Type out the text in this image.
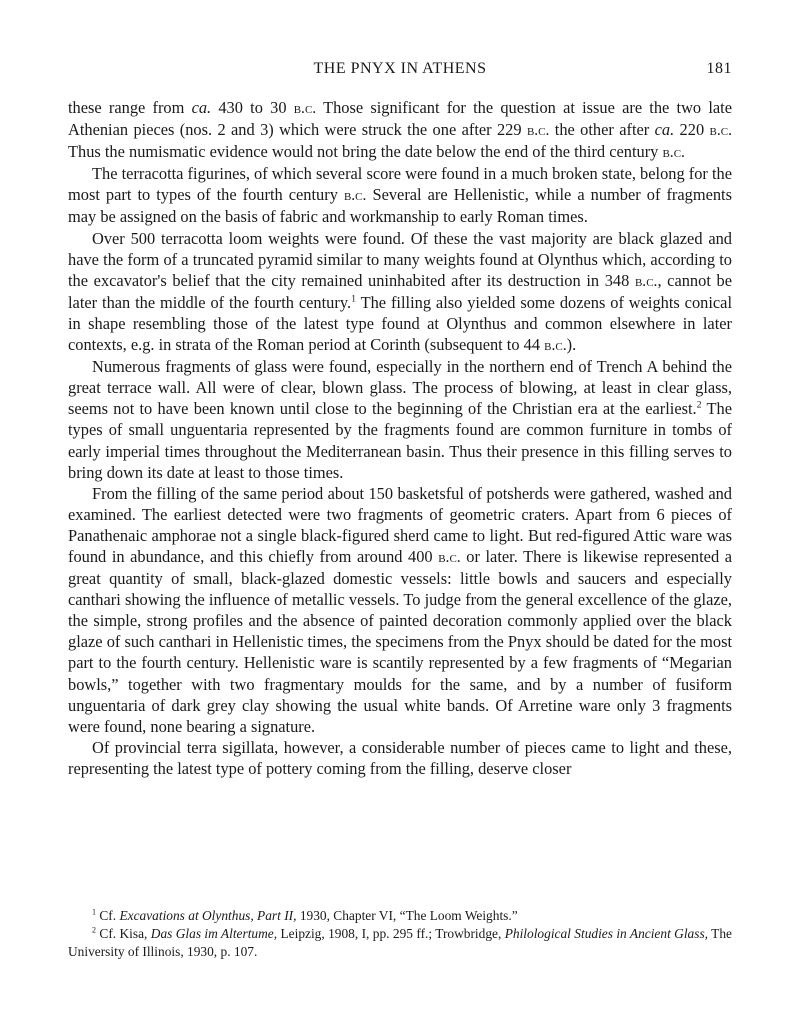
THE PNYX IN ATHENS	181

these range from ca. 430 to 30 b.c. Those significant for the question at issue are the two late Athenian pieces (nos. 2 and 3) which were struck the one after 229 b.c. the other after ca. 220 b.c. Thus the numismatic evidence would not bring the date below the end of the third century b.c.

The terracotta figurines, of which several score were found in a much broken state, belong for the most part to types of the fourth century b.c. Several are Hellenistic, while a number of fragments may be assigned on the basis of fabric and workmanship to early Roman times.

Over 500 terracotta loom weights were found. Of these the vast majority are black glazed and have the form of a truncated pyramid similar to many weights found at Olynthus which, according to the excavator's belief that the city remained uninhabited after its destruction in 348 b.c., cannot be later than the middle of the fourth century.$^1$ The filling also yielded some dozens of weights conical in shape resembling those of the latest type found at Olynthus and common elsewhere in later contexts, e.g. in strata of the Roman period at Corinth (subsequent to 44 b.c.).

Numerous fragments of glass were found, especially in the northern end of Trench A behind the great terrace wall. All were of clear, blown glass. The process of blowing, at least in clear glass, seems not to have been known until close to the beginning of the Christian era at the earliest.$^2$ The types of small unguentaria represented by the fragments found are common furniture in tombs of early imperial times throughout the Mediterranean basin. Thus their presence in this filling serves to bring down its date at least to those times.

From the filling of the same period about 150 basketsful of potsherds were gathered, washed and examined. The earliest detected were two fragments of geometric craters. Apart from 6 pieces of Panathenaic amphorae not a single black-figured sherd came to light. But red-figured Attic ware was found in abundance, and this chiefly from around 400 b.c. or later. There is likewise represented a great quantity of small, black-glazed domestic vessels: little bowls and saucers and especially canthari showing the influence of metallic vessels. To judge from the general excellence of the glaze, the simple, strong profiles and the absence of painted decoration commonly applied over the black glaze of such canthari in Hellenistic times, the specimens from the Pnyx should be dated for the most part to the fourth century. Hellenistic ware is scantily represented by a few fragments of “Megarian bowls,” together with two fragmentary moulds for the same, and by a number of fusiform unguentaria of dark grey clay showing the usual white bands. Of Arretine ware only 3 fragments were found, none bearing a signature.

Of provincial terra sigillata, however, a considerable number of pieces came to light and these, representing the latest type of pottery coming from the filling, deserve closer

$^1$ Cf. Excavations at Olynthus, Part II, 1930, Chapter VI, “The Loom Weights.”

$^2$ Cf. Kisa, Das Glas im Altertume, Leipzig, 1908, I, pp. 295 ff.; Trowbridge, Philological Studies in Ancient Glass, The University of Illinois, 1930, p. 107.
